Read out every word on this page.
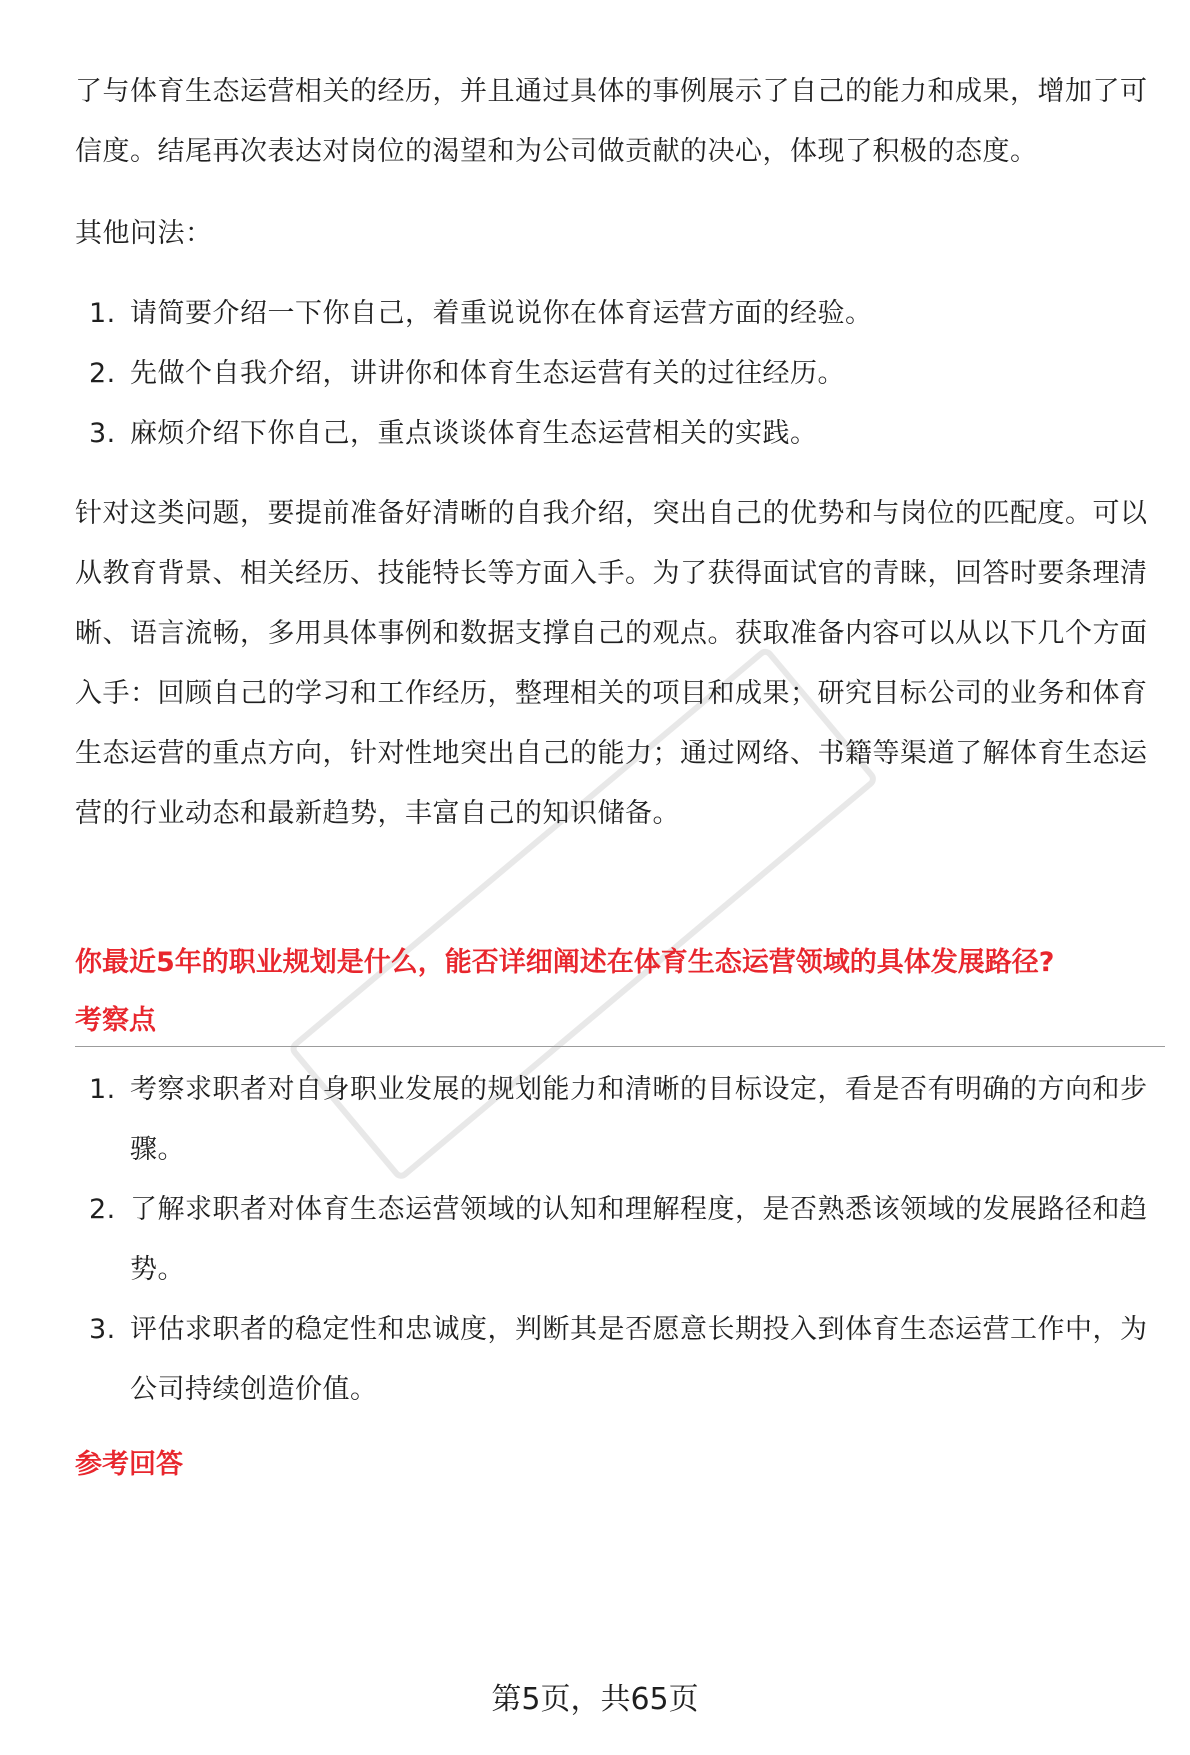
了与体育生态运营相关的经历，并且通过具体的事例展示了自己的能力和成果，增加了可信度。结尾再次表达对岗位的渴望和为公司做贡献的决心，体现了积极的态度。

其他问法：

1. 请简要介绍一下你自己，着重说说你在体育运营方面的经验。
2. 先做个自我介绍，讲讲你和体育生态运营有关的过往经历。
3. 麻烦介绍下你自己，重点谈谈体育生态运营相关的实践。

针对这类问题，要提前准备好清晰的自我介绍，突出自己的优势和与岗位的匹配度。可以从教育背景、相关经历、技能特长等方面入手。为了获得面试官的青睐，回答时要条理清晰、语言流畅，多用具体事例和数据支撑自己的观点。获取准备内容可以从以下几个方面入手：回顾自己的学习和工作经历，整理相关的项目和成果；研究目标公司的业务和体育生态运营的重点方向，针对性地突出自己的能力；通过网络、书籍等渠道了解体育生态运营的行业动态和最新趋势，丰富自己的知识储备。

你最近5年的职业规划是什么，能否详细阐述在体育生态运营领域的具体发展路径?
考察点
1. 考察求职者对自身职业发展的规划能力和清晰的目标设定，看是否有明确的方向和步骤。
2. 了解求职者对体育生态运营领域的认知和理解程度，是否熟悉该领域的发展路径和趋势。
3. 评估求职者的稳定性和忠诚度，判断其是否愿意长期投入到体育生态运营工作中，为公司持续创造价值。
参考回答
第5页，共65页
